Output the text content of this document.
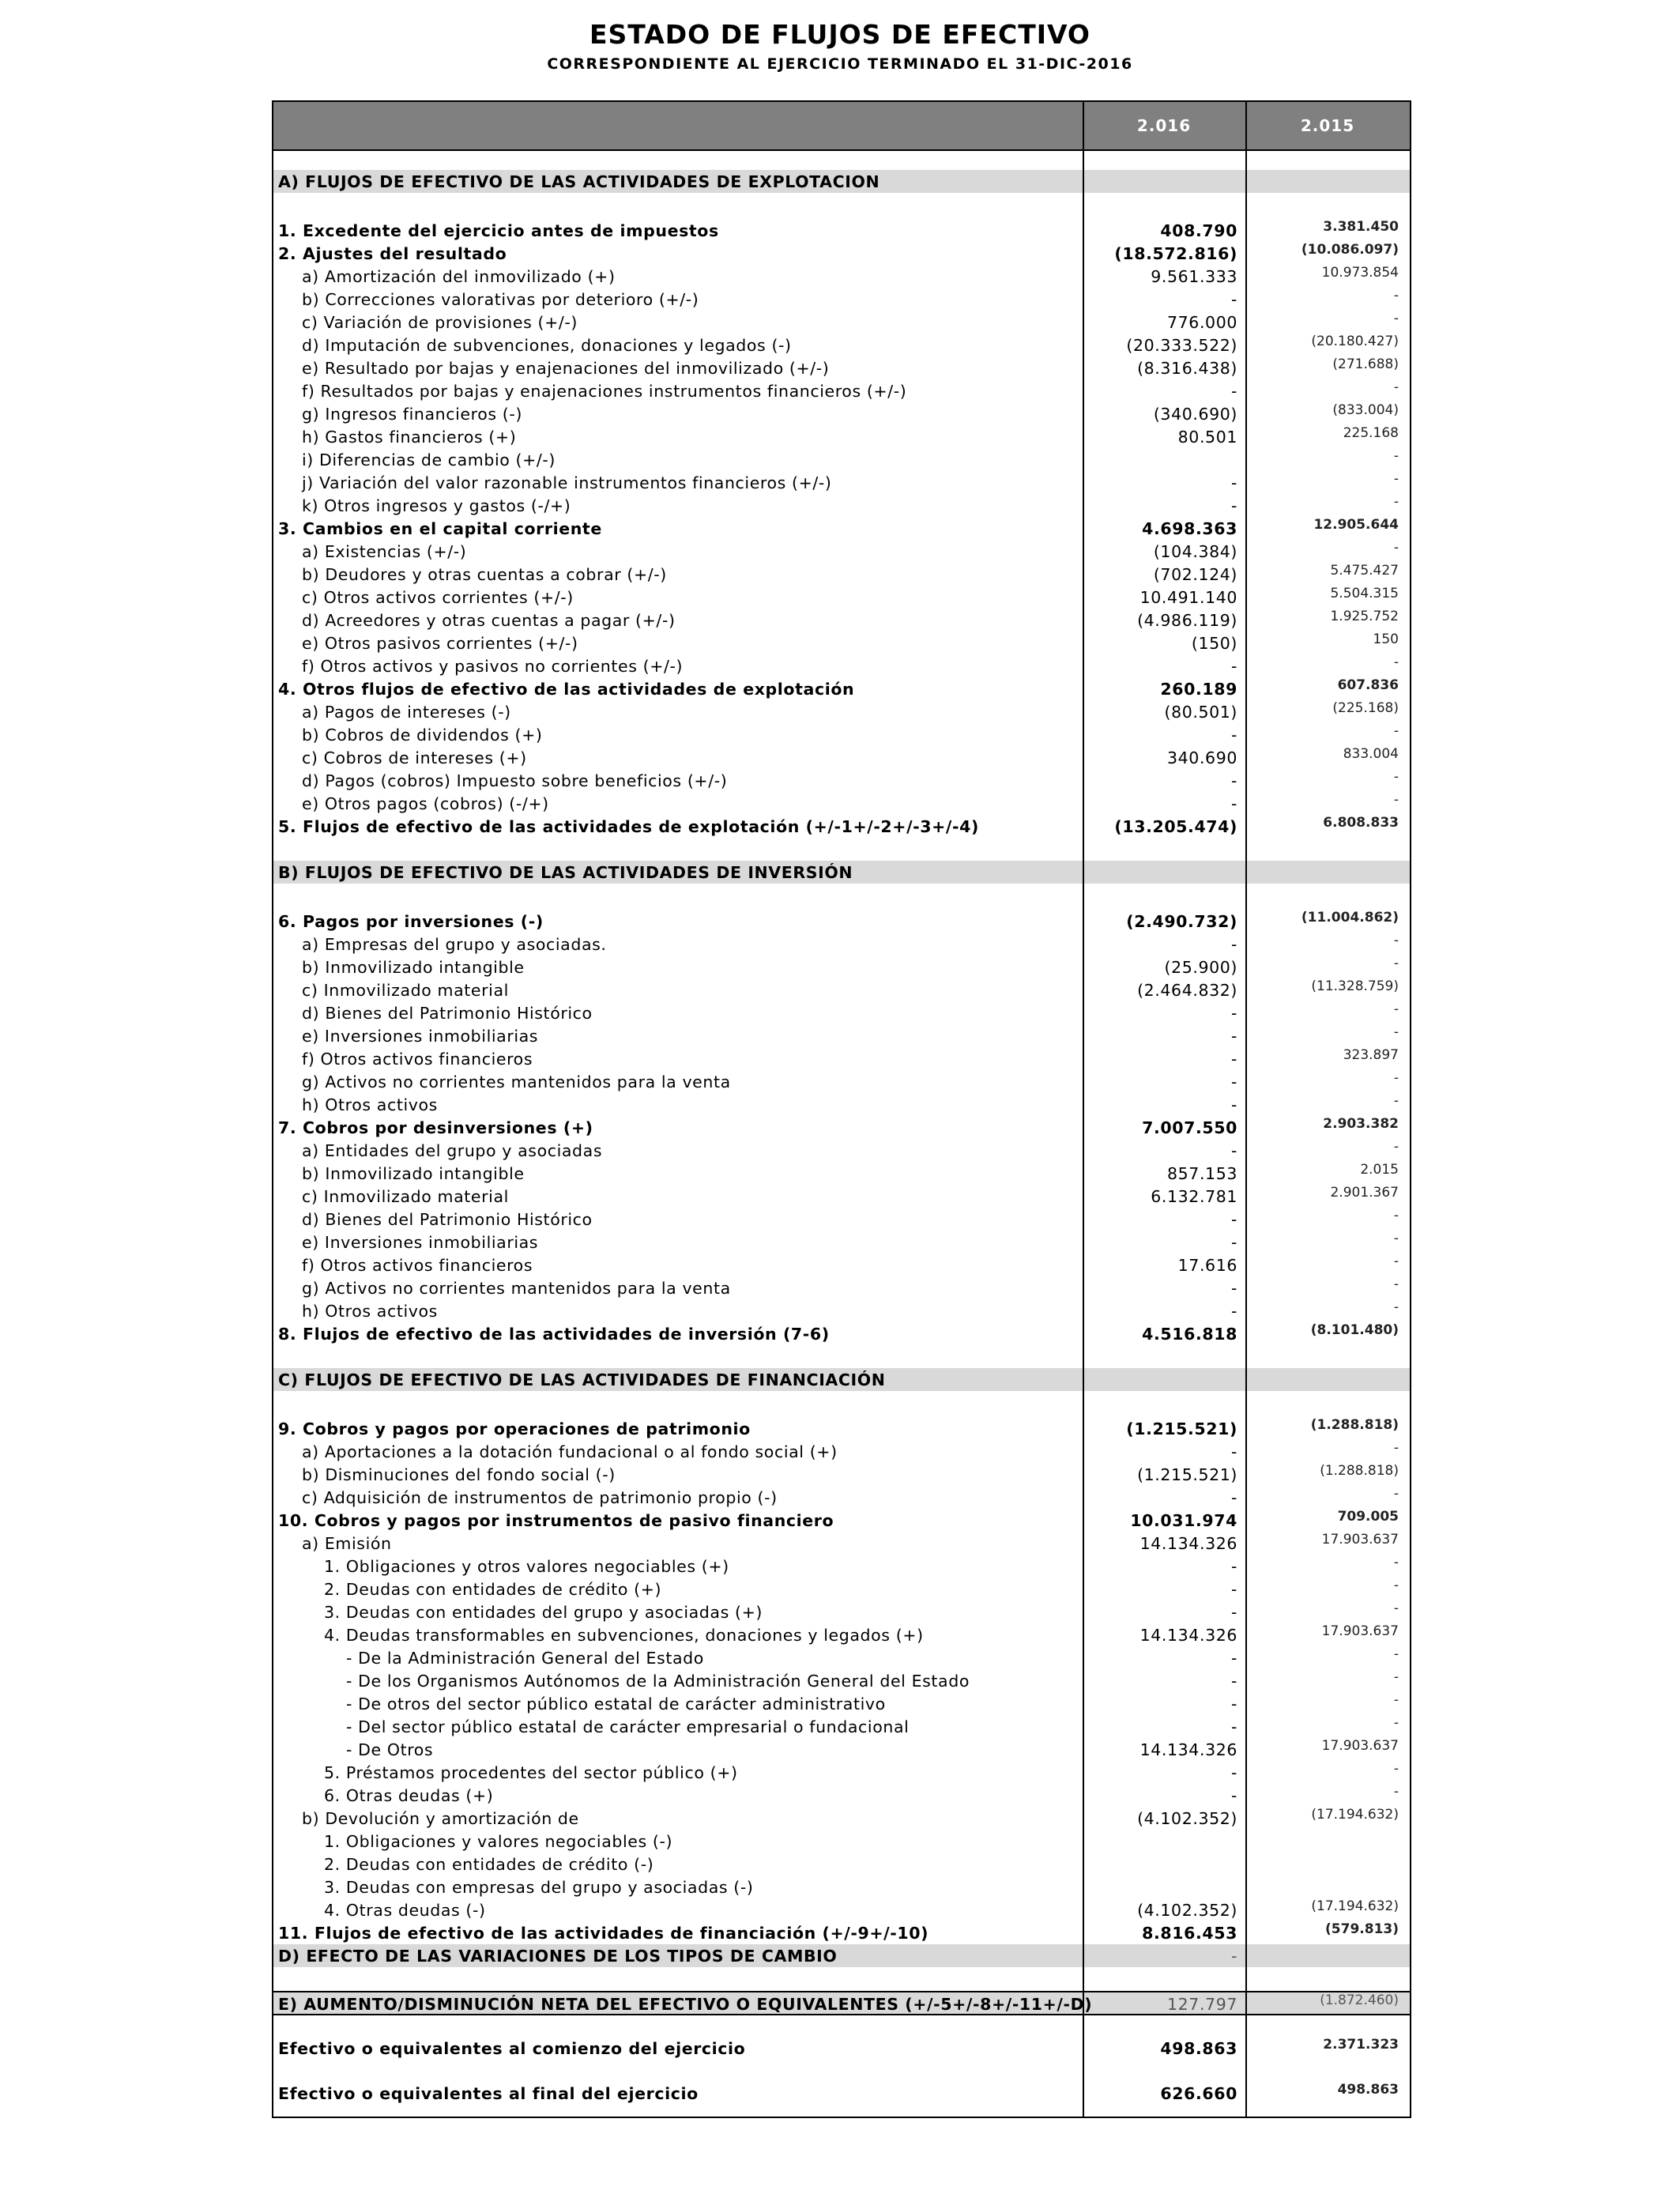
ESTADO DE FLUJOS DE EFECTIVO
CORRESPONDIENTE AL EJERCICIO TERMINADO EL 31-DIC-2016
2.016	2.015
A) FLUJOS DE EFECTIVO DE LAS ACTIVIDADES DE EXPLOTACION
1. Excedente del ejercicio antes de impuestos	408.790	3.381.450
2. Ajustes del resultado	(18.572.816)	(10.086.097)
a) Amortización del inmovilizado (+)	9.561.333	10.973.854
b) Correcciones valorativas por deterioro (+/-)	-	-
c) Variación de provisiones (+/-)	776.000	-
d) Imputación de subvenciones, donaciones y legados (-)	(20.333.522)	(20.180.427)
e) Resultado por bajas y enajenaciones del inmovilizado (+/-)	(8.316.438)	(271.688)
f) Resultados por bajas y enajenaciones instrumentos financieros (+/-)	-	-
g) Ingresos financieros (-)	(340.690)	(833.004)
h) Gastos financieros (+)	80.501	225.168
i) Diferencias de cambio (+/-)	-
j) Variación del valor razonable instrumentos financieros (+/-)	-	-
k) Otros ingresos y gastos (-/+)	-	-
3. Cambios en el capital corriente	4.698.363	12.905.644
a) Existencias (+/-)	(104.384)	-
b) Deudores y otras cuentas a cobrar (+/-)	(702.124)	5.475.427
c) Otros activos corrientes (+/-)	10.491.140	5.504.315
d) Acreedores y otras cuentas a pagar (+/-)	(4.986.119)	1.925.752
e) Otros pasivos corrientes (+/-)	(150)	150
f) Otros activos y pasivos no corrientes (+/-)	-	-
4. Otros flujos de efectivo de las actividades de explotación	260.189	607.836
a) Pagos de intereses (-)	(80.501)	(225.168)
b) Cobros de dividendos (+)	-	-
c) Cobros de intereses (+)	340.690	833.004
d) Pagos (cobros) Impuesto sobre beneficios (+/-)	-	-
e) Otros pagos (cobros) (-/+)	-	-
5. Flujos de efectivo de las actividades de explotación (+/-1+/-2+/-3+/-4)	(13.205.474)	6.808.833
B) FLUJOS DE EFECTIVO DE LAS ACTIVIDADES DE INVERSIÓN
6. Pagos por inversiones (-)	(2.490.732)	(11.004.862)
a) Empresas del grupo y asociadas.	-	-
b) Inmovilizado intangible	(25.900)	-
c) Inmovilizado material	(2.464.832)	(11.328.759)
d) Bienes del Patrimonio Histórico	-	-
e) Inversiones inmobiliarias	-	-
f) Otros activos financieros	-	323.897
g) Activos no corrientes mantenidos para la venta	-	-
h) Otros activos	-	-
7. Cobros por desinversiones (+)	7.007.550	2.903.382
a) Entidades del grupo y asociadas	-	-
b) Inmovilizado intangible	857.153	2.015
c) Inmovilizado material	6.132.781	2.901.367
d) Bienes del Patrimonio Histórico	-	-
e) Inversiones inmobiliarias	-	-
f) Otros activos financieros	17.616	-
g) Activos no corrientes mantenidos para la venta	-	-
h) Otros activos	-	-
8. Flujos de efectivo de las actividades de inversión (7-6)	4.516.818	(8.101.480)
C) FLUJOS DE EFECTIVO DE LAS ACTIVIDADES DE FINANCIACIÓN
9. Cobros y pagos por operaciones de patrimonio	(1.215.521)	(1.288.818)
a) Aportaciones a la dotación fundacional o al fondo social (+)	-	-
b) Disminuciones del fondo social (-)	(1.215.521)	(1.288.818)
c) Adquisición de instrumentos de patrimonio propio (-)	-	-
10. Cobros y pagos por instrumentos de pasivo financiero	10.031.974	709.005
a) Emisión	14.134.326	17.903.637
1. Obligaciones y otros valores negociables (+)	-	-
2. Deudas con entidades de crédito (+)	-	-
3. Deudas con entidades del grupo y asociadas (+)	-	-
4. Deudas transformables en subvenciones, donaciones y legados (+)	14.134.326	17.903.637
- De la Administración General del Estado	-	-
- De los Organismos Autónomos de la Administración General del Estado	-	-
- De otros del sector público estatal de carácter administrativo	-	-
- Del sector público estatal de carácter empresarial o fundacional	-	-
- De Otros	14.134.326	17.903.637
5. Préstamos procedentes del sector público (+)	-	-
6. Otras deudas (+)	-	-
b) Devolución y amortización de	(4.102.352)	(17.194.632)
1. Obligaciones y valores negociables (-)
2. Deudas con entidades de crédito (-)
3. Deudas con empresas del grupo y asociadas (-)
4. Otras deudas (-)	(4.102.352)	(17.194.632)
11. Flujos de efectivo de las actividades de financiación (+/-9+/-10)	8.816.453	(579.813)
D) EFECTO DE LAS VARIACIONES DE LOS TIPOS DE CAMBIO	-
E) AUMENTO/DISMINUCIÓN NETA DEL EFECTIVO O EQUIVALENTES (+/-5+/-8+/-11+/-D)	127.797	(1.872.460)
Efectivo o equivalentes al comienzo del ejercicio	498.863	2.371.323
Efectivo o equivalentes al final del ejercicio	626.660	498.863
